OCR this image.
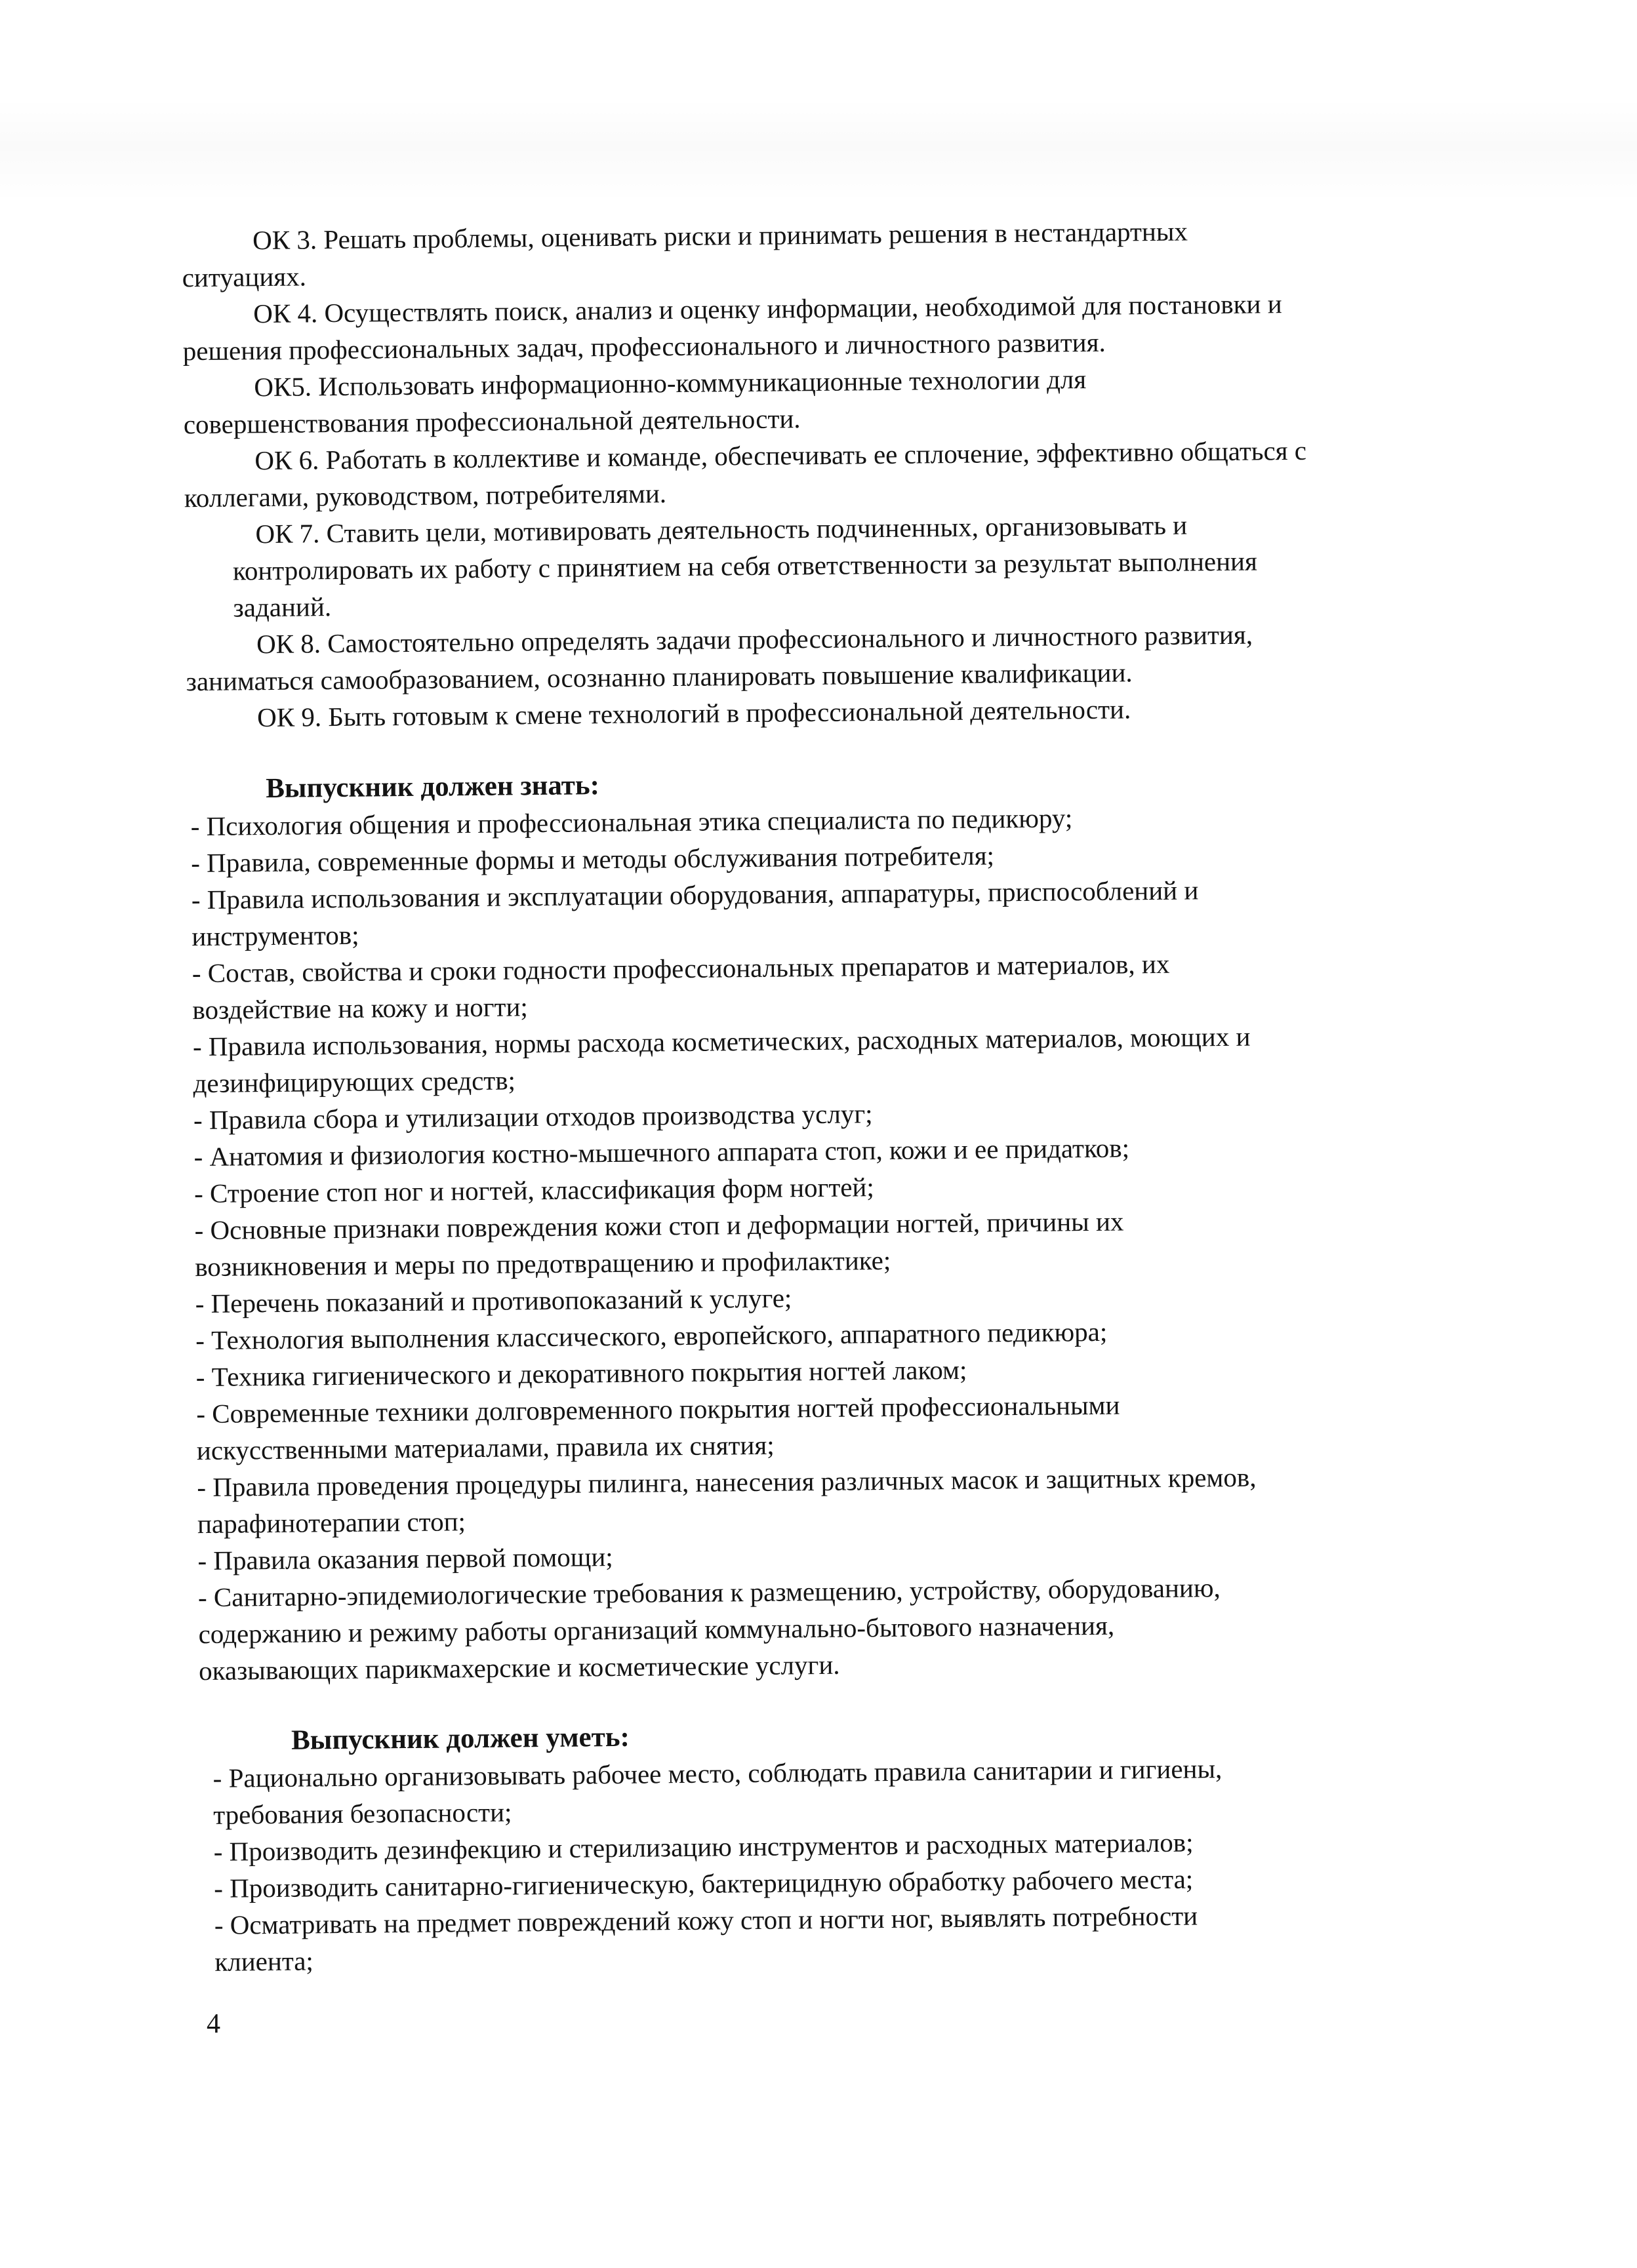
ОК 3. Решать проблемы, оценивать риски и принимать решения в нестандартных
ситуациях.
ОК 4. Осуществлять поиск, анализ и оценку информации, необходимой для постановки и
решения профессиональных задач, профессионального и личностного развития.
ОК5. Использовать информационно-коммуникационные технологии для
совершенствования профессиональной деятельности.
ОК 6. Работать в коллективе и команде, обеспечивать ее сплочение, эффективно общаться с
коллегами, руководством, потребителями.
ОК 7. Ставить цели, мотивировать деятельность подчиненных, организовывать и
контролировать их работу с принятием на себя ответственности за результат выполнения
заданий.
ОК 8. Самостоятельно определять задачи профессионального и личностного развития,
заниматься самообразованием, осознанно планировать повышение квалификации.
ОК 9. Быть готовым к смене технологий в профессиональной деятельности.
Выпускник должен знать:
- Психология общения и профессиональная этика специалиста по педикюру;
- Правила, современные формы и методы обслуживания потребителя;
- Правила использования и эксплуатации оборудования, аппаратуры, приспособлений и
инструментов;
- Состав, свойства и сроки годности профессиональных препаратов и материалов, их
воздействие на кожу и ногти;
- Правила использования, нормы расхода косметических, расходных материалов, моющих и
дезинфицирующих средств;
- Правила сбора и утилизации отходов производства услуг;
- Анатомия и физиология костно-мышечного аппарата стоп, кожи и ее придатков;
- Строение стоп ног и ногтей, классификация форм ногтей;
- Основные признаки повреждения кожи стоп и деформации ногтей, причины их
возникновения и меры по предотвращению и профилактике;
- Перечень показаний и противопоказаний к услуге;
- Технология выполнения классического, европейского, аппаратного педикюра;
- Техника гигиенического и декоративного покрытия ногтей лаком;
- Современные техники долговременного покрытия ногтей профессиональными
искусственными материалами, правила их снятия;
- Правила проведения процедуры пилинга, нанесения различных масок и защитных кремов,
парафинотерапии стоп;
- Правила оказания первой помощи;
- Санитарно-эпидемиологические требования к размещению, устройству, оборудованию,
содержанию и режиму работы организаций коммунально-бытового назначения,
оказывающих парикмахерские и косметические услуги.
Выпускник должен уметь:
- Рационально организовывать рабочее место, соблюдать правила санитарии и гигиены,
требования безопасности;
- Производить дезинфекцию и стерилизацию инструментов и расходных материалов;
- Производить санитарно-гигиеническую, бактерицидную обработку рабочего места;
- Осматривать на предмет повреждений кожу стоп и ногти ног, выявлять потребности
клиента;
4
